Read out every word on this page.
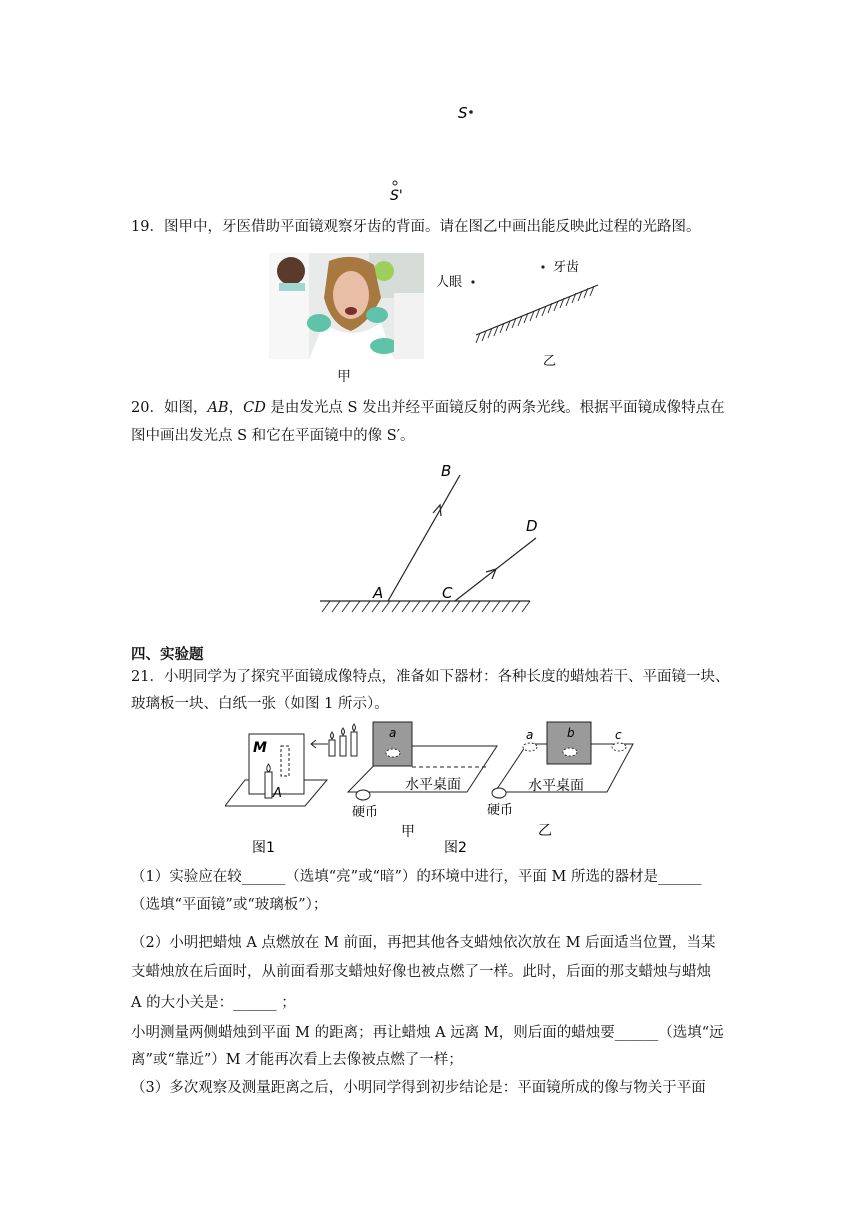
S
S'
19．图甲中，牙医借助平面镜观察牙齿的背面。请在图乙中画出能反映此过程的光路图。
甲
人眼
牙齿
乙
20．如图，AB，CD 是由发光点 S 发出并经平面镜反射的两条光线。根据平面镜成像特点在
图中画出发光点 S 和它在平面镜中的像 S′。
A
B
C
D
四、实验题
21．小明同学为了探究平面镜成像特点，准备如下器材：各种长度的蜡烛若干、平面镜一块、
玻璃板一块、白纸一张（如图 1 所示）。
M
A
图1
a
水平桌面
硬币
甲
图2
b
a	c
水平桌面
硬币
乙
（1）实验应在较______（选填“亮”或“暗”）的环境中进行，平面 M 所选的器材是______
（选填“平面镜”或“玻璃板”）；
（2）小明把蜡烛 A 点燃放在 M 前面，再把其他各支蜡烛依次放在 M 后面适当位置，当某
支蜡烛放在后面时，从前面看那支蜡烛好像也被点燃了一样。此时，后面的那支蜡烛与蜡烛
A 的大小关是：______ ；
小明测量两侧蜡烛到平面 M 的距离；再让蜡烛 A 远离 M，则后面的蜡烛要______（选填“远
离”或“靠近”）M 才能再次看上去像被点燃了一样；
（3）多次观察及测量距离之后，小明同学得到初步结论是：平面镜所成的像与物关于平面
